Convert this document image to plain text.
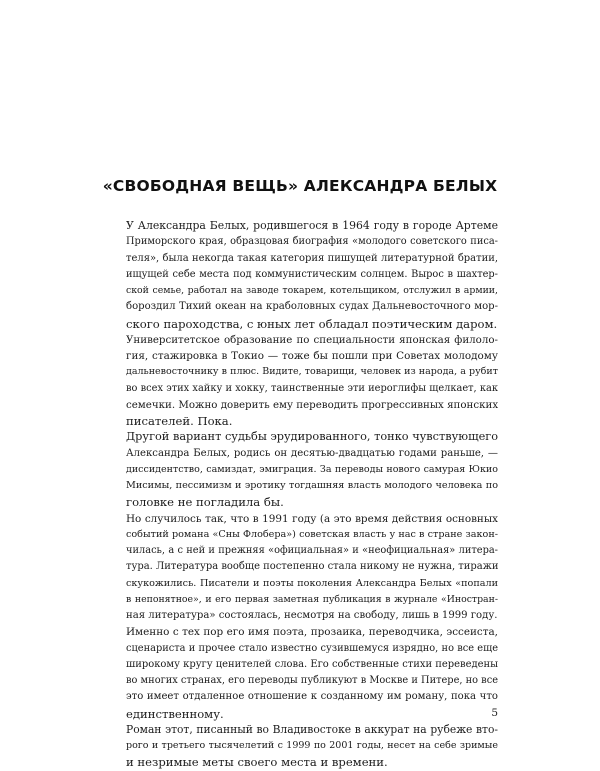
«СВОБОДНАЯ ВЕЩЬ» АЛЕКСАНДРА БЕЛЫХ

У Александра Белых, родившегося в 1964 году в городе Артеме
Приморского края, образцовая биография «молодого советского писа-
теля», была некогда такая категория пишущей литературной братии,
ищущей себе места под коммунистическим солнцем. Вырос в шахтер-
ской семье, работал на заводе токарем, котельщиком, отслужил в армии,
бороздил Тихий океан на краболовных судах Дальневосточного мор-
ского пароходства, с юных лет обладал поэтическим даром.

Университетское образование по специальности японская филоло-
гия, стажировка в Токио — тоже бы пошли при Советах молодому
дальневосточнику в плюс. Видите, товарищи, человек из народа, а рубит
во всех этих хайку и хокку, таинственные эти иероглифы щелкает, как
семечки. Можно доверить ему переводить прогрессивных японских
писателей. Пока.

Другой вариант судьбы эрудированного, тонко чувствующего
Александра Белых, родись он десятью-двадцатью годами раньше, —
диссидентство, самиздат, эмиграция. За переводы нового самурая Юкио
Мисимы, пессимизм и эротику тогдашняя власть молодого человека по
головке не погладила бы.

Но случилось так, что в 1991 году (а это время действия основных
событий романа «Сны Флобера») советская власть у нас в стране закон-
чилась, а с ней и прежняя «официальная» и «неофициальная» литера-
тура. Литература вообще постепенно стала никому не нужна, тиражи
скукожились. Писатели и поэты поколения Александра Белых «попали
в непонятное», и его первая заметная публикация в журнале «Иностран-
ная литература» состоялась, несмотря на свободу, лишь в 1999 году.

Именно с тех пор его имя поэта, прозаика, переводчика, эссеиста,
сценариста и прочее стало известно сузившемуся изрядно, но все еще
широкому кругу ценителей слова. Его собственные стихи переведены
во многих странах, его переводы публикуют в Москве и Питере, но все
это имеет отдаленное отношение к созданному им роману, пока что
единственному.

Роман этот, писанный во Владивостоке в аккурат на рубеже вто-
рого и третьего тысячелетий с 1999 по 2001 годы, несет на себе зримые
и незримые меты своего места и времени.

5
